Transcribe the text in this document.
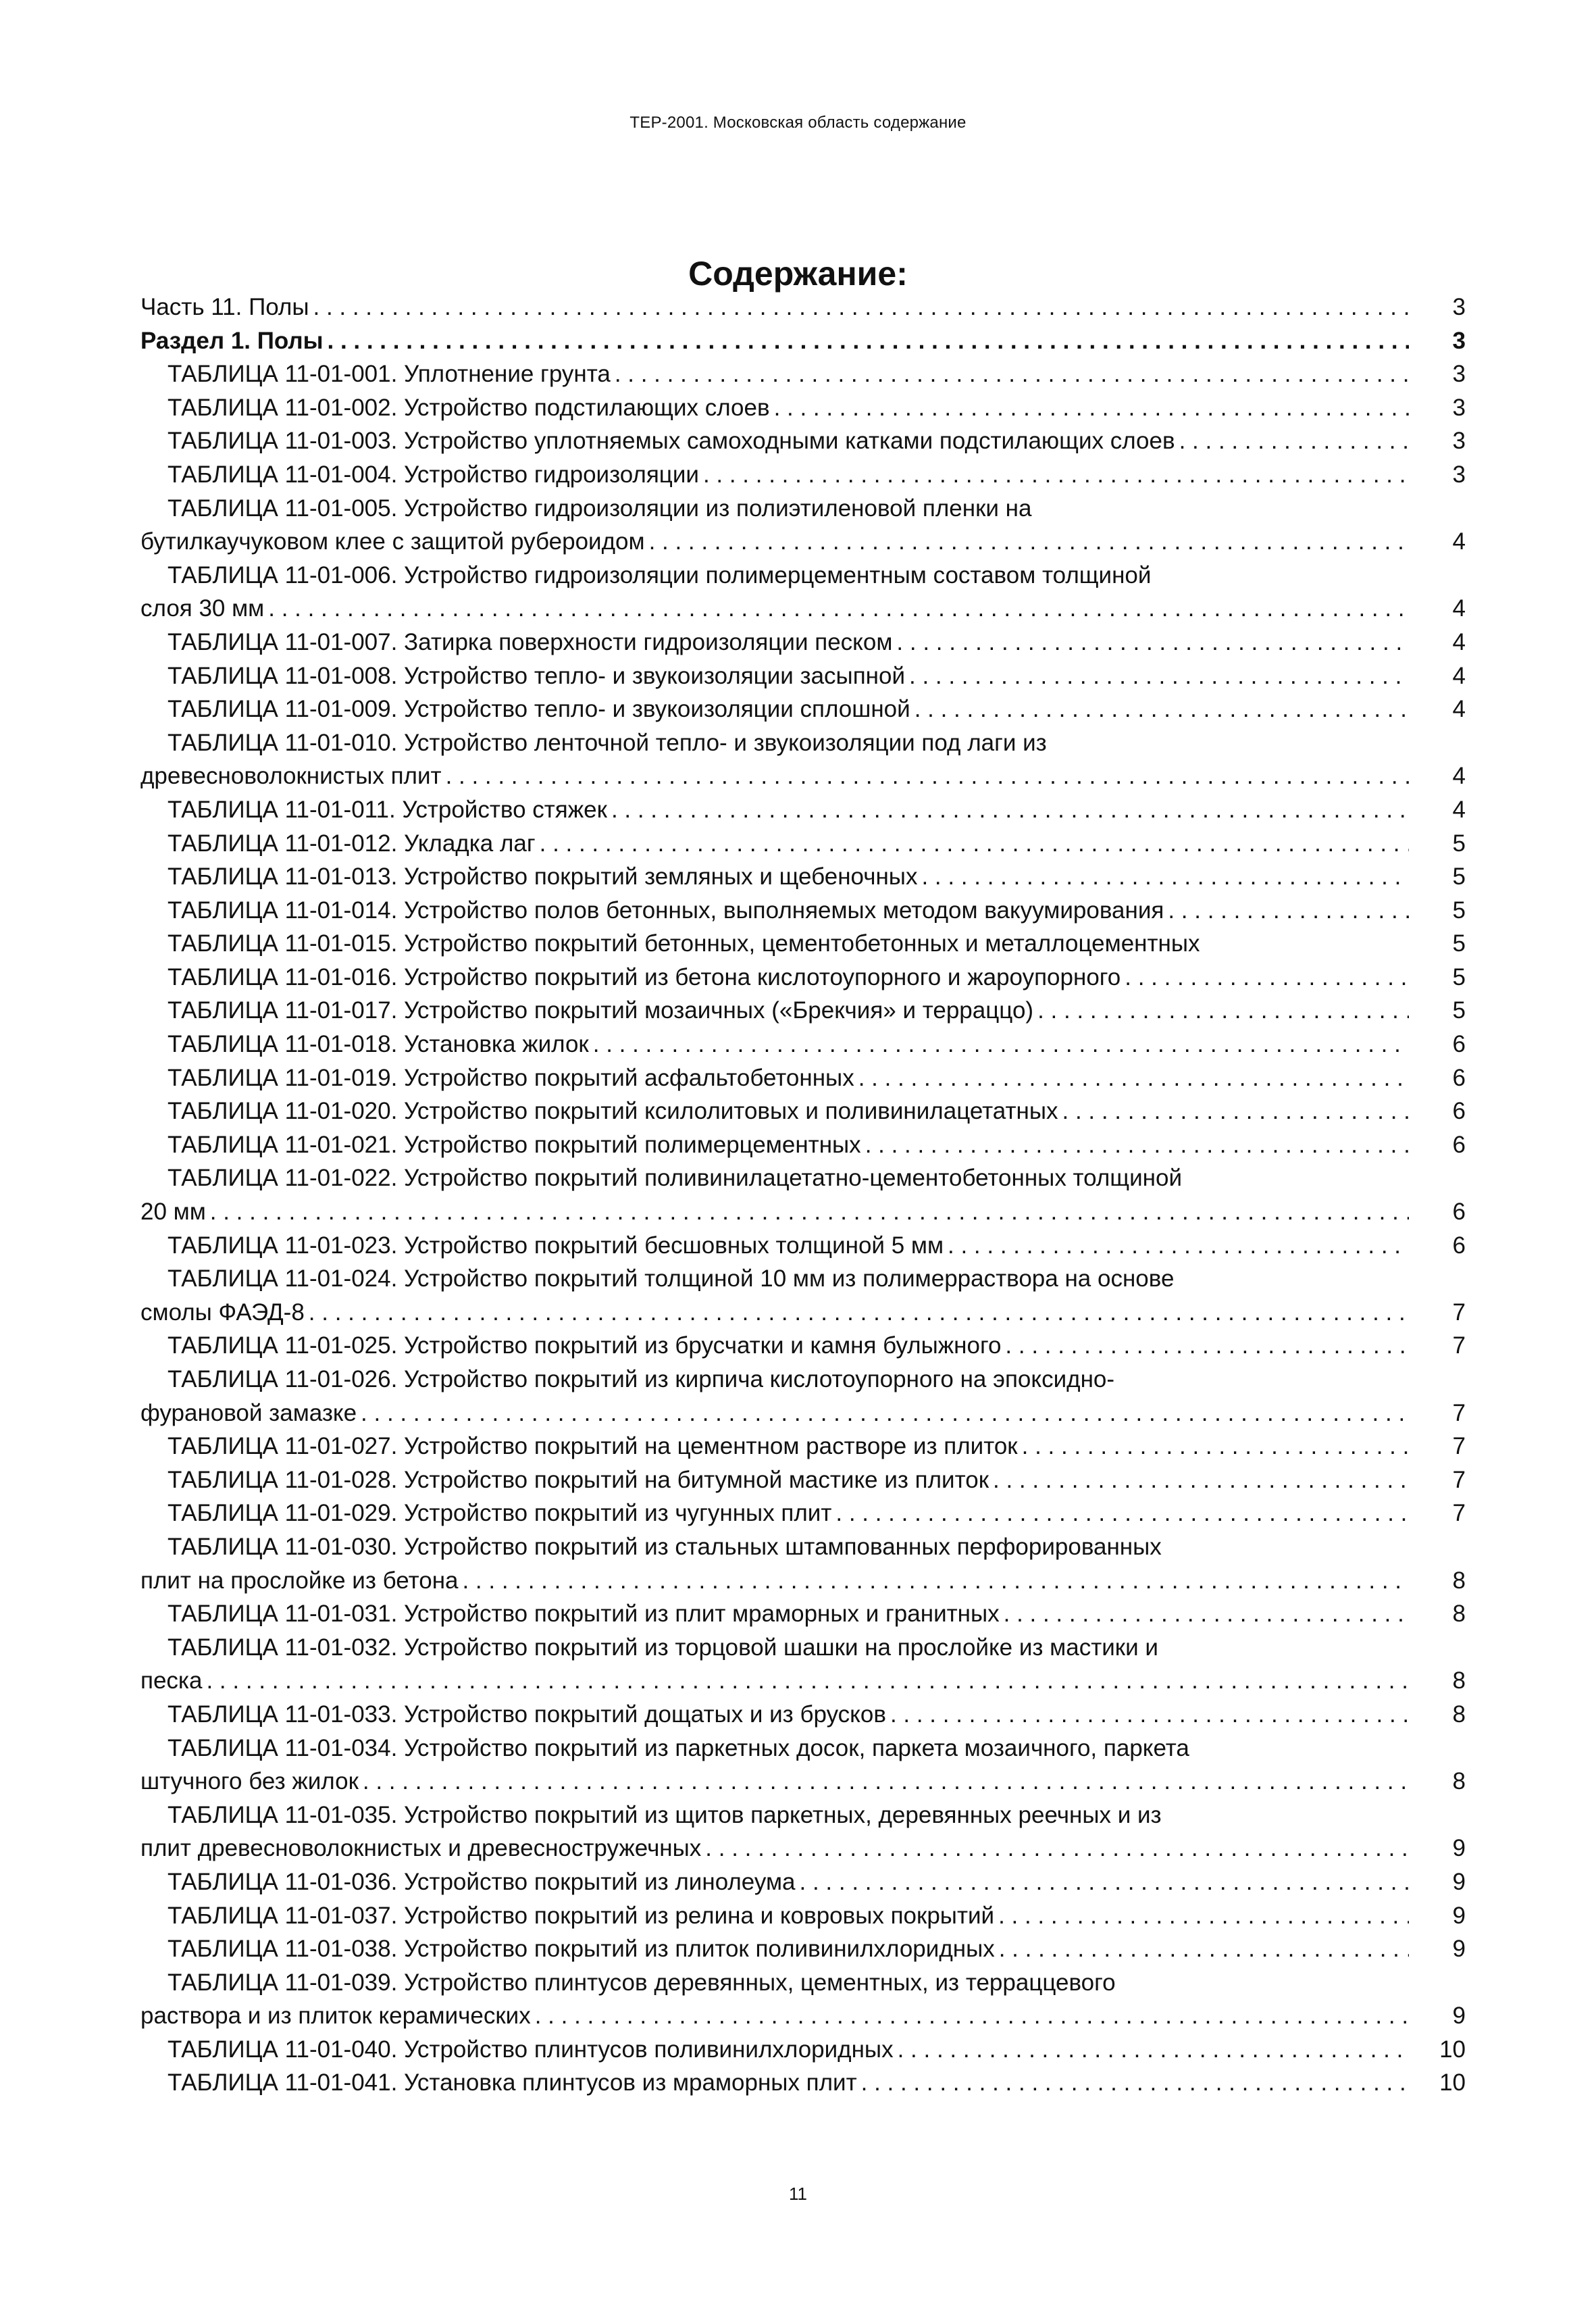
ТЕР-2001. Московская область содержание
Содержание:
Часть 11. Полы . . .	3
Раздел 1. Полы . . .	3
ТАБЛИЦА 11-01-001. Уплотнение грунта . . .	3
ТАБЛИЦА 11-01-002. Устройство подстилающих слоев . . .	3
ТАБЛИЦА 11-01-003. Устройство уплотняемых самоходными катками подстилающих слоев . . .	3
ТАБЛИЦА 11-01-004. Устройство гидроизоляции . . .	3
ТАБЛИЦА 11-01-005. Устройство гидроизоляции из полиэтиленовой пленки на
бутилкаучуковом клее с защитой рубероидом . . .	4
ТАБЛИЦА 11-01-006. Устройство гидроизоляции полимерцементным составом толщиной
слоя 30 мм . . .	4
ТАБЛИЦА 11-01-007. Затирка поверхности гидроизоляции песком . . .	4
ТАБЛИЦА 11-01-008. Устройство тепло- и звукоизоляции засыпной . . .	4
ТАБЛИЦА 11-01-009. Устройство тепло- и звукоизоляции сплошной . . .	4
ТАБЛИЦА 11-01-010. Устройство ленточной тепло- и звукоизоляции под лаги из
древесноволокнистых плит . . .	4
ТАБЛИЦА 11-01-011. Устройство стяжек . . .	4
ТАБЛИЦА 11-01-012. Укладка лаг . . .	5
ТАБЛИЦА 11-01-013. Устройство покрытий земляных и щебеночных . . .	5
ТАБЛИЦА 11-01-014. Устройство полов бетонных, выполняемых методом вакуумирования . . .	5
ТАБЛИЦА 11-01-015. Устройство покрытий бетонных, цементобетонных и металлоцементных	5
ТАБЛИЦА 11-01-016. Устройство покрытий из бетона кислотоупорного и жароупорного . . .	5
ТАБЛИЦА 11-01-017. Устройство покрытий мозаичных («Брекчия» и терраццо) . . .	5
ТАБЛИЦА 11-01-018. Установка жилок . . .	6
ТАБЛИЦА 11-01-019. Устройство покрытий асфальтобетонных . . .	6
ТАБЛИЦА 11-01-020. Устройство покрытий ксилолитовых и поливинилацетатных . . .	6
ТАБЛИЦА 11-01-021. Устройство покрытий полимерцементных . . .	6
ТАБЛИЦА 11-01-022. Устройство покрытий поливинилацетатно-цементобетонных толщиной
20 мм . . .	6
ТАБЛИЦА 11-01-023. Устройство покрытий бесшовных толщиной 5 мм . . .	6
ТАБЛИЦА 11-01-024. Устройство покрытий толщиной 10 мм из полимерраствора на основе
смолы ФАЭД-8 . . .	7
ТАБЛИЦА 11-01-025. Устройство покрытий из брусчатки и камня булыжного . . .	7
ТАБЛИЦА 11-01-026. Устройство покрытий из кирпича кислотоупорного на эпоксидно-
фурановой замазке . . .	7
ТАБЛИЦА 11-01-027. Устройство покрытий на цементном растворе из плиток . . .	7
ТАБЛИЦА 11-01-028. Устройство покрытий на битумной мастике из плиток . . .	7
ТАБЛИЦА 11-01-029. Устройство покрытий из чугунных плит . . .	7
ТАБЛИЦА 11-01-030. Устройство покрытий из стальных штампованных перфорированных
плит на прослойке из бетона . . .	8
ТАБЛИЦА 11-01-031. Устройство покрытий из плит мраморных и гранитных . . .	8
ТАБЛИЦА 11-01-032. Устройство покрытий из торцовой шашки на прослойке из мастики и
песка . . .	8
ТАБЛИЦА 11-01-033. Устройство покрытий дощатых и из брусков . . .	8
ТАБЛИЦА 11-01-034. Устройство покрытий из паркетных досок, паркета мозаичного, паркета
штучного без жилок . . .	8
ТАБЛИЦА 11-01-035. Устройство покрытий из щитов паркетных, деревянных реечных и из
плит древесноволокнистых и древесностружечных . . .	9
ТАБЛИЦА 11-01-036. Устройство покрытий из линолеума . . .	9
ТАБЛИЦА 11-01-037. Устройство покрытий из релина и ковровых покрытий . . .	9
ТАБЛИЦА 11-01-038. Устройство покрытий из плиток поливинилхлоридных . . .	9
ТАБЛИЦА 11-01-039. Устройство плинтусов деревянных, цементных, из терраццевого
раствора и из плиток керамических . . .	9
ТАБЛИЦА 11-01-040. Устройство плинтусов поливинилхлоридных . . .	10
ТАБЛИЦА 11-01-041. Установка плинтусов из мраморных плит . . .	10
11
